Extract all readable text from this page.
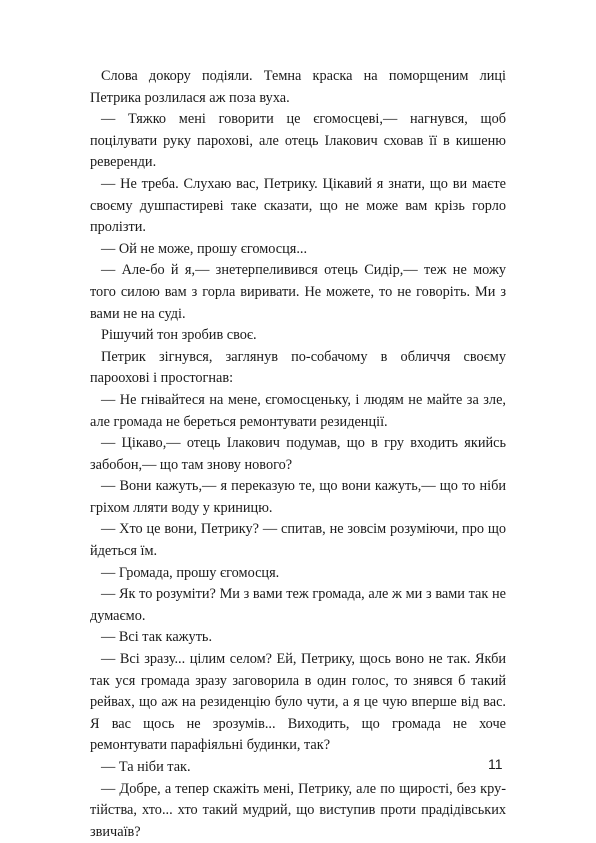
Слова докору подіяли. Темна краска на поморщеним лиці Петрика розлилася аж поза вуха.

— Тяжко мені говорити це єгомосцеві,— нагнувся, щоб поцілувати руку парохові, але отець Ілакович сховав її в кишеню реверенди.

— Не треба. Слухаю вас, Петрику. Цікавий я знати, що ви маєте своєму душпастиреві таке сказати, що не може вам крізь горло пролізти.

— Ой не може, прошу єгомосця...

— Але-бо й я,— знетерпеливився отець Сидір,— теж не можу того силою вам з горла виривати. Не можете, то не говоріть. Ми з вами не на суді.

Рішучий тон зробив своє.

Петрик зігнувся, заглянув по-собачому в обличчя своєму пароохові і простогнав:

— Не гнівайтеся на мене, єгомосценьку, і людям не майте за зле, але громада не береться ремонтувати резиденції.

— Цікаво,— отець Ілакович подумав, що в гру входить якийсь забобон,— що там знову нового?

— Вони кажуть,— я переказую те, що вони кажуть,— що то ніби гріхом лляти воду у криницю.

— Хто це вони, Петрику? — спитав, не зовсім розуміючи, про що йдеться їм.

— Громада, прошу єгомосця.

— Як то розуміти? Ми з вами теж громада, але ж ми з вами так не думаємо.

— Всі так кажуть.

— Всі зразу... цілим селом? Ей, Петрику, щось воно не так. Якби так уся громада зразу заговорила в один голос, то знявся б такий рейвах, що аж на резиденцію було чути, а я це чую вперше від вас. Я вас щось не зрозумів... Виходить, що громада не хоче ремонтувати парафіяльні будинки, так?

— Та ніби так.

— Добре, а тепер скажіть мені, Петрику, але по щирості, без крутійства, хто... хто такий мудрий, що виступив проти прадідівських звичаїв?

11
